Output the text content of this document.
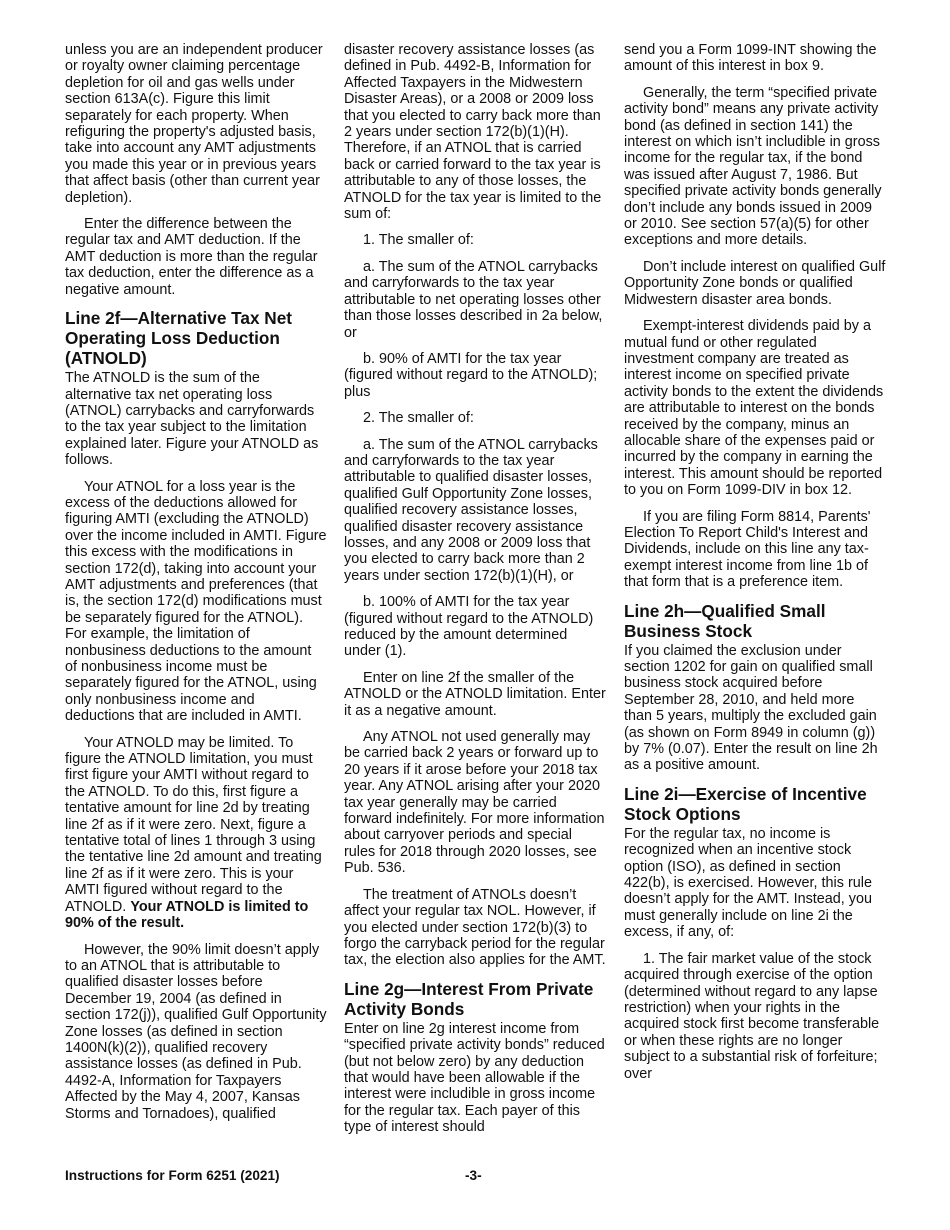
unless you are an independent producer or royalty owner claiming percentage depletion for oil and gas wells under section 613A(c). Figure this limit separately for each property. When refiguring the property's adjusted basis, take into account any AMT adjustments you made this year or in previous years that affect basis (other than current year depletion).

Enter the difference between the regular tax and AMT deduction. If the AMT deduction is more than the regular tax deduction, enter the difference as a negative amount.

Line 2f—Alternative Tax Net Operating Loss Deduction (ATNOLD)

The ATNOLD is the sum of the alternative tax net operating loss (ATNOL) carrybacks and carryforwards to the tax year subject to the limitation explained later. Figure your ATNOLD as follows.

Your ATNOL for a loss year is the excess of the deductions allowed for figuring AMTI (excluding the ATNOLD) over the income included in AMTI. Figure this excess with the modifications in section 172(d), taking into account your AMT adjustments and preferences (that is, the section 172(d) modifications must be separately figured for the ATNOL). For example, the limitation of nonbusiness deductions to the amount of nonbusiness income must be separately figured for the ATNOL, using only nonbusiness income and deductions that are included in AMTI.

Your ATNOLD may be limited. To figure the ATNOLD limitation, you must first figure your AMTI without regard to the ATNOLD. To do this, first figure a tentative amount for line 2d by treating line 2f as if it were zero. Next, figure a tentative total of lines 1 through 3 using the tentative line 2d amount and treating line 2f as if it were zero. This is your AMTI figured without regard to the ATNOLD. Your ATNOLD is limited to 90% of the result.

However, the 90% limit doesn’t apply to an ATNOL that is attributable to qualified disaster losses before December 19, 2004 (as defined in section 172(j)), qualified Gulf Opportunity Zone losses (as defined in section 1400N(k)(2)), qualified recovery assistance losses (as defined in Pub. 4492-A, Information for Taxpayers Affected by the May 4, 2007, Kansas Storms and Tornadoes), qualified

disaster recovery assistance losses (as defined in Pub. 4492-B, Information for Affected Taxpayers in the Midwestern Disaster Areas), or a 2008 or 2009 loss that you elected to carry back more than 2 years under section 172(b)(1)(H). Therefore, if an ATNOL that is carried back or carried forward to the tax year is attributable to any of those losses, the ATNOLD for the tax year is limited to the sum of:

1. The smaller of:

a. The sum of the ATNOL carrybacks and carryforwards to the tax year attributable to net operating losses other than those losses described in 2a below, or

b. 90% of AMTI for the tax year (figured without regard to the ATNOLD); plus

2. The smaller of:

a. The sum of the ATNOL carrybacks and carryforwards to the tax year attributable to qualified disaster losses, qualified Gulf Opportunity Zone losses, qualified recovery assistance losses, qualified disaster recovery assistance losses, and any 2008 or 2009 loss that you elected to carry back more than 2 years under section 172(b)(1)(H), or

b. 100% of AMTI for the tax year (figured without regard to the ATNOLD) reduced by the amount determined under (1).

Enter on line 2f the smaller of the ATNOLD or the ATNOLD limitation. Enter it as a negative amount.

Any ATNOL not used generally may be carried back 2 years or forward up to 20 years if it arose before your 2018 tax year. Any ATNOL arising after your 2020 tax year generally may be carried forward indefinitely. For more information about carryover periods and special rules for 2018 through 2020 losses, see Pub. 536.

The treatment of ATNOLs doesn’t affect your regular tax NOL. However, if you elected under section 172(b)(3) to forgo the carryback period for the regular tax, the election also applies for the AMT.

Line 2g—Interest From Private Activity Bonds

Enter on line 2g interest income from “specified private activity bonds” reduced (but not below zero) by any deduction that would have been allowable if the interest were includible in gross income for the regular tax. Each payer of this type of interest should

send you a Form 1099-INT showing the amount of this interest in box 9.

Generally, the term “specified private activity bond” means any private activity bond (as defined in section 141) the interest on which isn’t includible in gross income for the regular tax, if the bond was issued after August 7, 1986. But specified private activity bonds generally don’t include any bonds issued in 2009 or 2010. See section 57(a)(5) for other exceptions and more details.

Don’t include interest on qualified Gulf Opportunity Zone bonds or qualified Midwestern disaster area bonds.

Exempt-interest dividends paid by a mutual fund or other regulated investment company are treated as interest income on specified private activity bonds to the extent the dividends are attributable to interest on the bonds received by the company, minus an allocable share of the expenses paid or incurred by the company in earning the interest. This amount should be reported to you on Form 1099-DIV in box 12.

If you are filing Form 8814, Parents' Election To Report Child's Interest and Dividends, include on this line any tax-exempt interest income from line 1b of that form that is a preference item.

Line 2h—Qualified Small Business Stock

If you claimed the exclusion under section 1202 for gain on qualified small business stock acquired before September 28, 2010, and held more than 5 years, multiply the excluded gain (as shown on Form 8949 in column (g)) by 7% (0.07). Enter the result on line 2h as a positive amount.

Line 2i—Exercise of Incentive Stock Options

For the regular tax, no income is recognized when an incentive stock option (ISO), as defined in section 422(b), is exercised. However, this rule doesn’t apply for the AMT. Instead, you must generally include on line 2i the excess, if any, of:

1. The fair market value of the stock acquired through exercise of the option (determined without regard to any lapse restriction) when your rights in the acquired stock first become transferable or when these rights are no longer subject to a substantial risk of forfeiture; over

Instructions for Form 6251 (2021)	-3-
